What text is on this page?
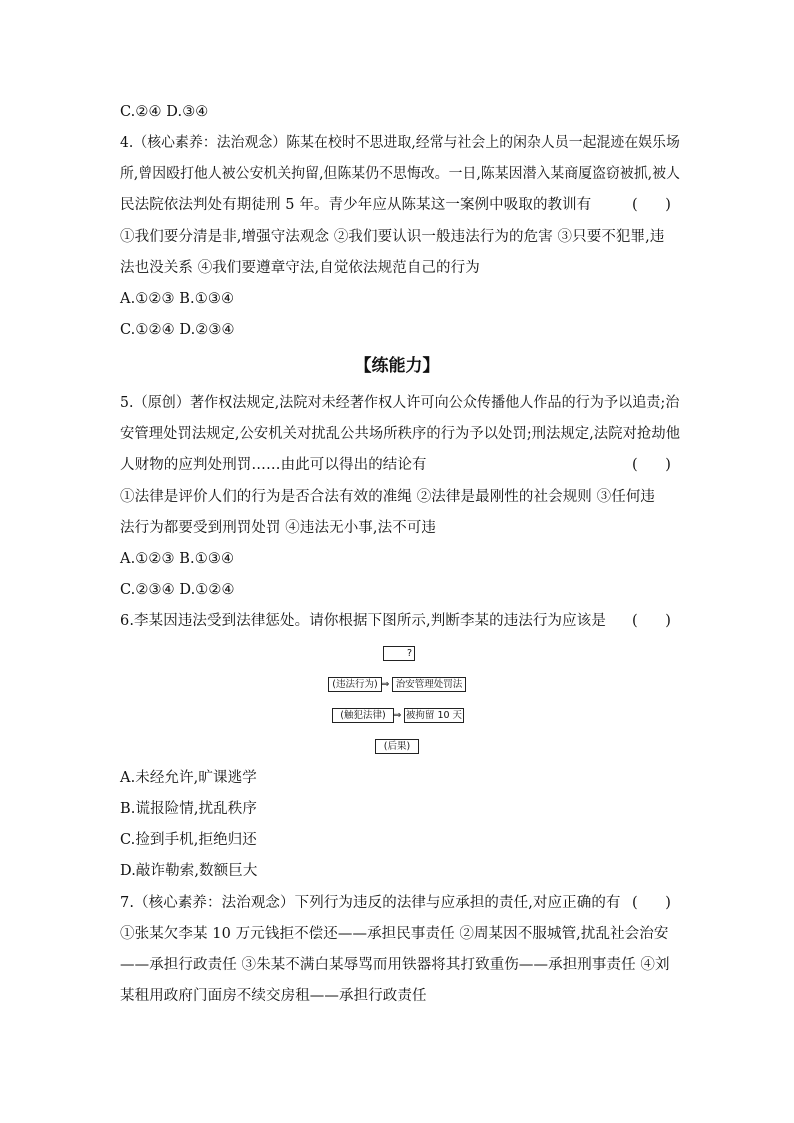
C.②④ D.③④
4.（核心素养：法治观念）陈某在校时不思进取,经常与社会上的闲杂人员一起混迹在娱乐场
所,曾因殴打他人被公安机关拘留,但陈某仍不思悔改。一日,陈某因潜入某商厦盗窃被抓,被人
民法院依法判处有期徒刑 5 年。青少年应从陈某这一案例中吸取的教训有	(      )
①我们要分清是非,增强守法观念 ②我们要认识一般违法行为的危害 ③只要不犯罪,违
法也没关系 ④我们要遵章守法,自觉依法规范自己的行为
A.①②③ B.①③④
C.①②④ D.②③④
【练能力】
5.（原创）著作权法规定,法院对未经著作权人许可向公众传播他人作品的行为予以追责;治
安管理处罚法规定,公安机关对扰乱公共场所秩序的行为予以处罚;刑法规定,法院对抢劫他
人财物的应判处刑罚……由此可以得出的结论有	(      )
①法律是评价人们的行为是否合法有效的准绳 ②法律是最刚性的社会规则 ③任何违
法行为都要受到刑罚处罚 ④违法无小事,法不可违
A.①②③ B.①③④
C.②③④ D.①②④
6.李某因违法受到法律惩处。请你根据下图所示,判断李某的违法行为应该是	(      )
?
(违法行为) ⇒ 治安管理处罚法
(触犯法律) ⇒ 被拘留 10 天
(后果)
A.未经允许,旷课逃学
B.谎报险情,扰乱秩序
C.捡到手机,拒绝归还
D.敲诈勒索,数额巨大
7.（核心素养：法治观念）下列行为违反的法律与应承担的责任,对应正确的有 (      )
①张某欠李某 10 万元钱拒不偿还——承担民事责任 ②周某因不服城管,扰乱社会治安
——承担行政责任 ③朱某不满白某辱骂而用铁器将其打致重伤——承担刑事责任 ④刘
某租用政府门面房不续交房租——承担行政责任
